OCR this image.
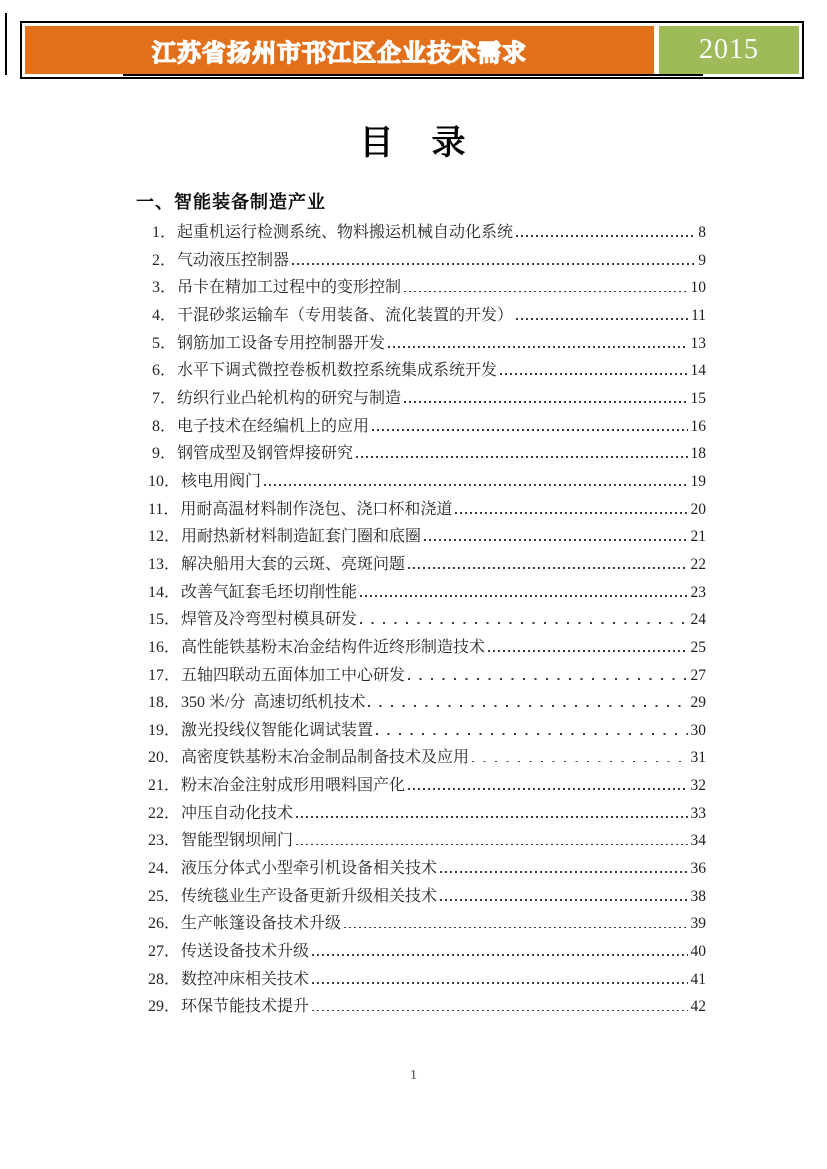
江苏省扬州市邗江区企业技术需求	2015
目　录
一、智能装备制造产业
1． 起重机运行检测系统、物料搬运机械自动化系统	8
2． 气动液压控制器	9
3． 吊卡在精加工过程中的变形控制	10
4． 干混砂浆运输车（专用装备、流化装置的开发）	11
5． 钢筋加工设备专用控制器开发	13
6． 水平下调式微控卷板机数控系统集成系统开发	14
7． 纺织行业凸轮机构的研究与制造	15
8． 电子技术在经编机上的应用	16
9． 钢管成型及钢管焊接研究	18
10． 核电用阀门	19
11． 用耐高温材料制作浇包、浇口杯和浇道	20
12． 用耐热新材料制造缸套门圈和底圈	21
13． 解决船用大套的云斑、亮斑问题	22
14． 改善气缸套毛坯切削性能	23
15． 焊管及冷弯型村模具研发	24
16． 高性能铁基粉末冶金结构件近终形制造技术	25
17． 五轴四联动五面体加工中心研发	27
18． 350 米/分  高速切纸机技术	29
19． 激光投线仪智能化调试装置	30
20． 高密度铁基粉末冶金制品制备技术及应用	31
21． 粉末冶金注射成形用喂料国产化	32
22． 冲压自动化技术	33
23． 智能型钢坝闸门	34
24． 液压分体式小型牵引机设备相关技术	36
25． 传统毯业生产设备更新升级相关技术	38
26． 生产帐篷设备技术升级	39
27． 传送设备技术升级	40
28． 数控冲床相关技术	41
29． 环保节能技术提升	42
1
